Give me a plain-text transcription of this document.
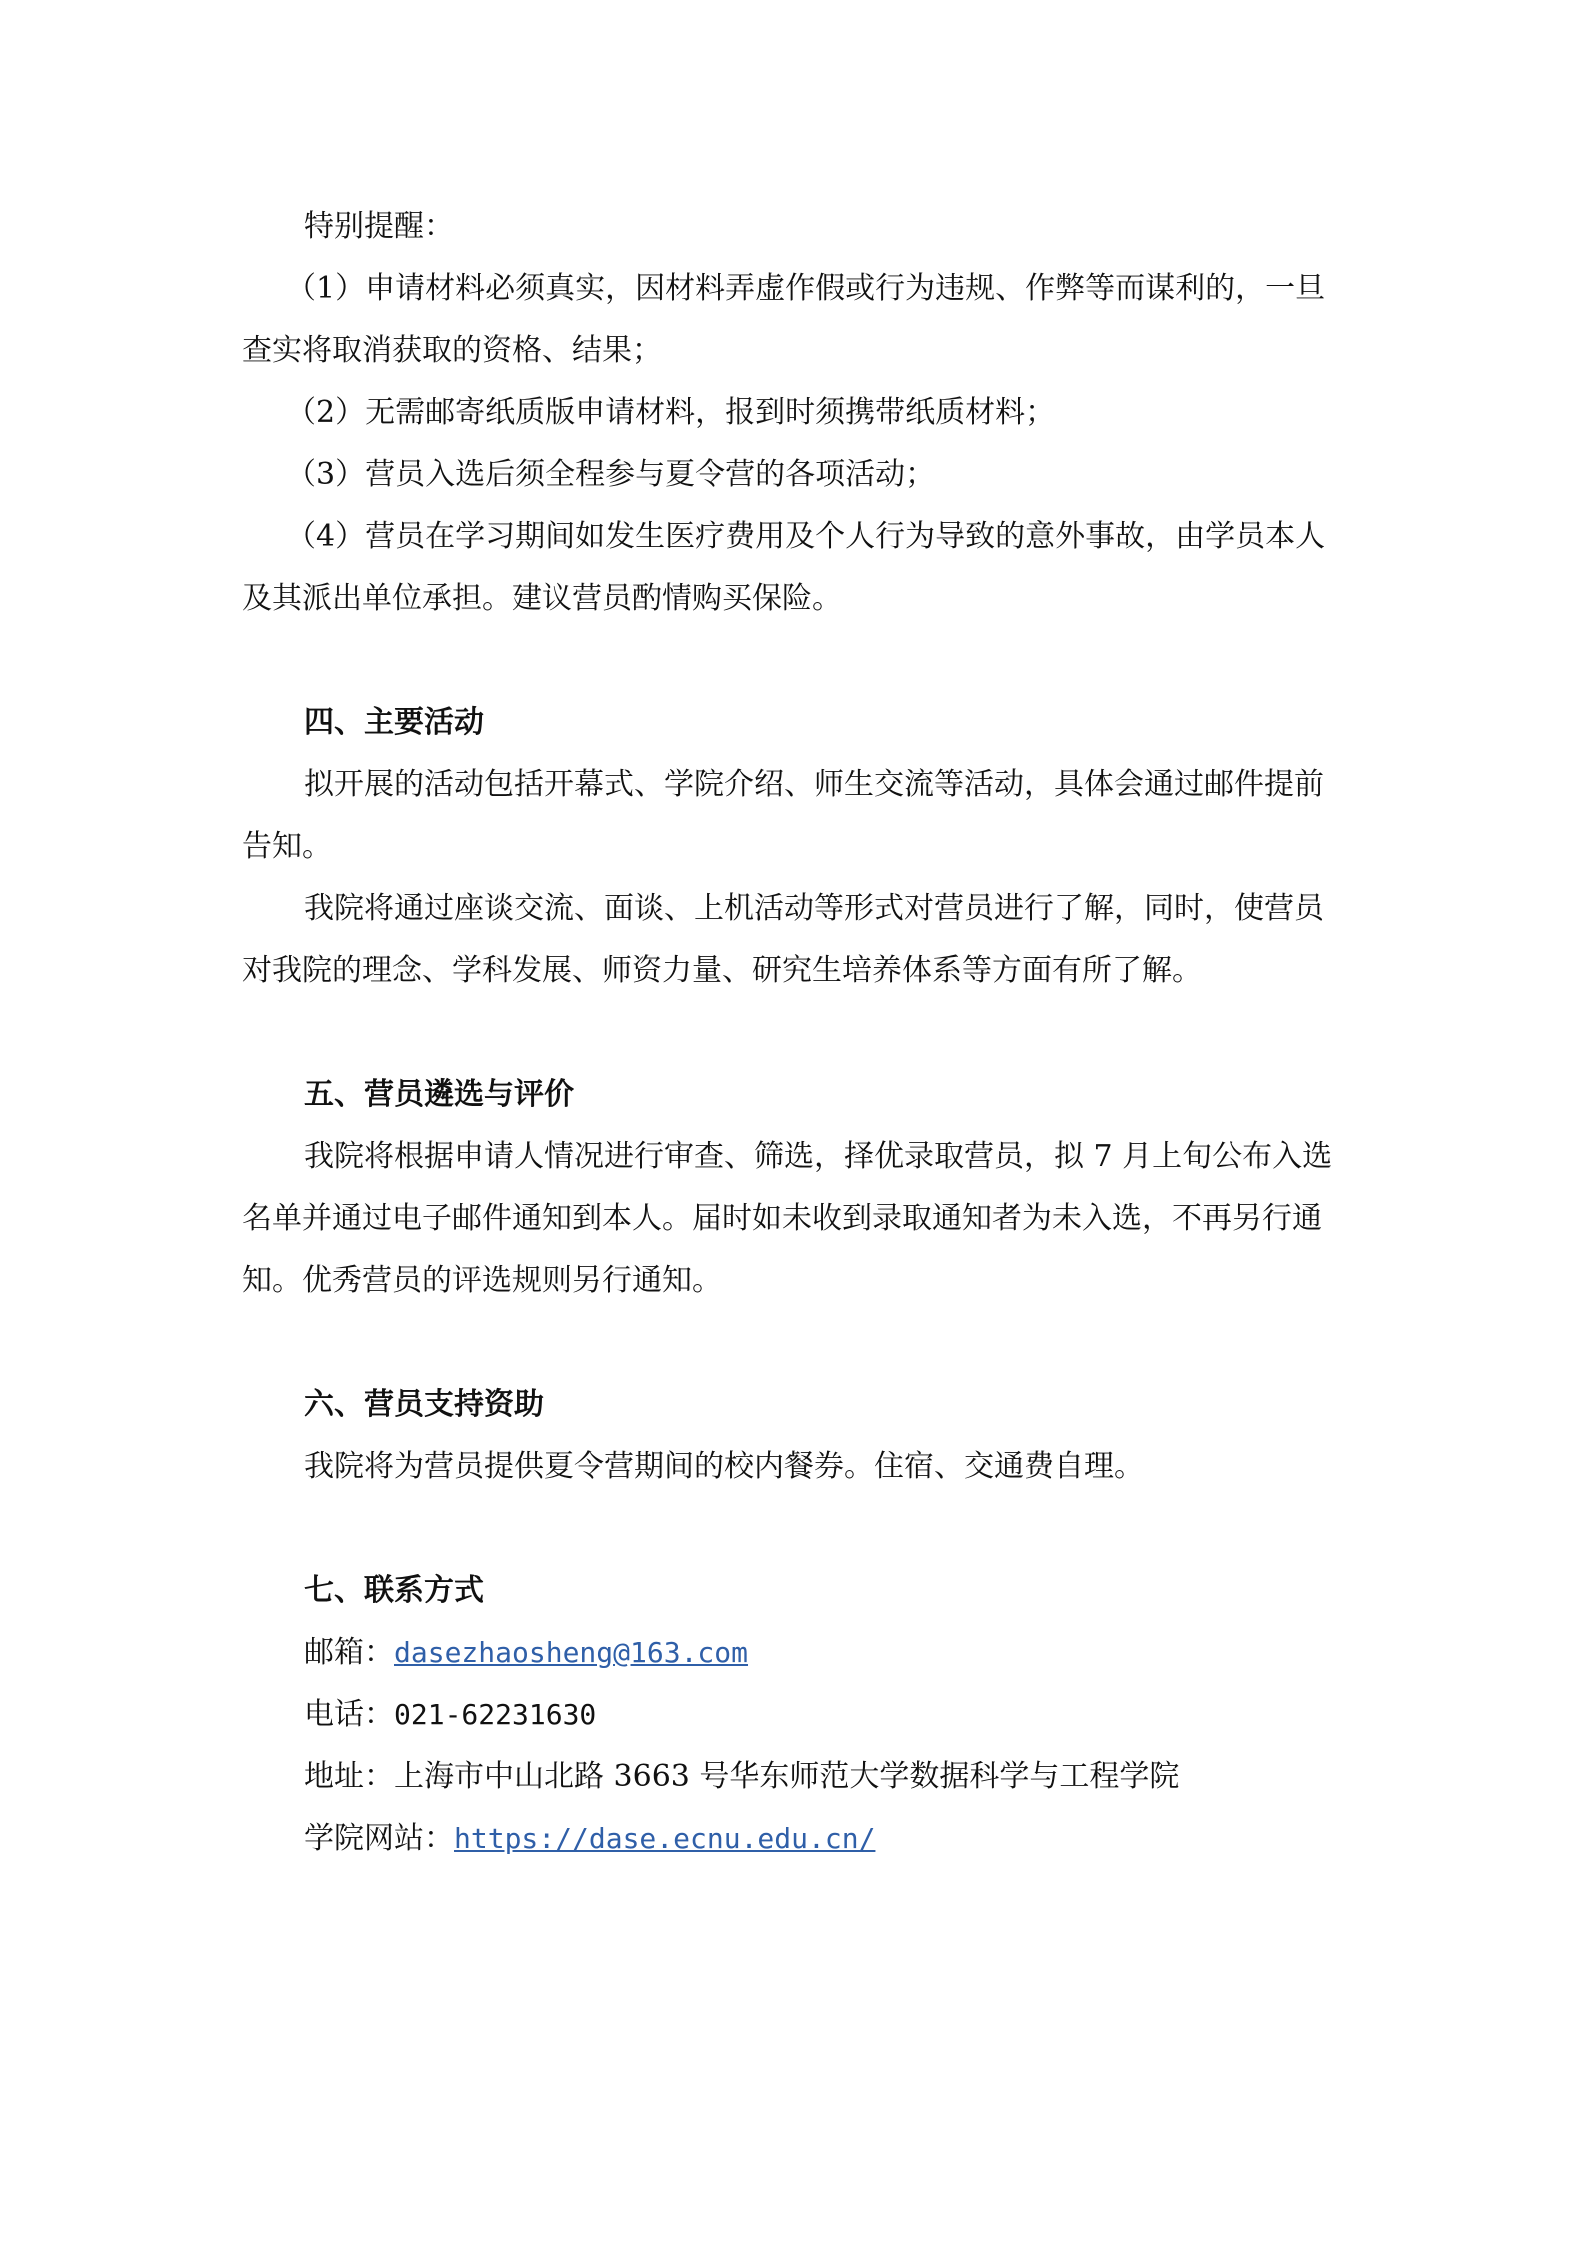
特别提醒：

（1）申请材料必须真实，因材料弄虚作假或行为违规、作弊等而谋利的，一旦查实将取消获取的资格、结果；

（2）无需邮寄纸质版申请材料，报到时须携带纸质材料；

（3）营员入选后须全程参与夏令营的各项活动；

（4）营员在学习期间如发生医疗费用及个人行为导致的意外事故，由学员本人及其派出单位承担。建议营员酌情购买保险。

四、主要活动

拟开展的活动包括开幕式、学院介绍、师生交流等活动，具体会通过邮件提前告知。

我院将通过座谈交流、面谈、上机活动等形式对营员进行了解，同时，使营员对我院的理念、学科发展、师资力量、研究生培养体系等方面有所了解。

五、营员遴选与评价

我院将根据申请人情况进行审查、筛选，择优录取营员，拟 7 月上旬公布入选名单并通过电子邮件通知到本人。届时如未收到录取通知者为未入选，不再另行通知。优秀营员的评选规则另行通知。

六、营员支持资助

我院将为营员提供夏令营期间的校内餐券。住宿、交通费自理。

七、联系方式

邮箱：dasezhaosheng@163.com

电话：021-62231630

地址：上海市中山北路 3663 号华东师范大学数据科学与工程学院

学院网站：https://dase.ecnu.edu.cn/
